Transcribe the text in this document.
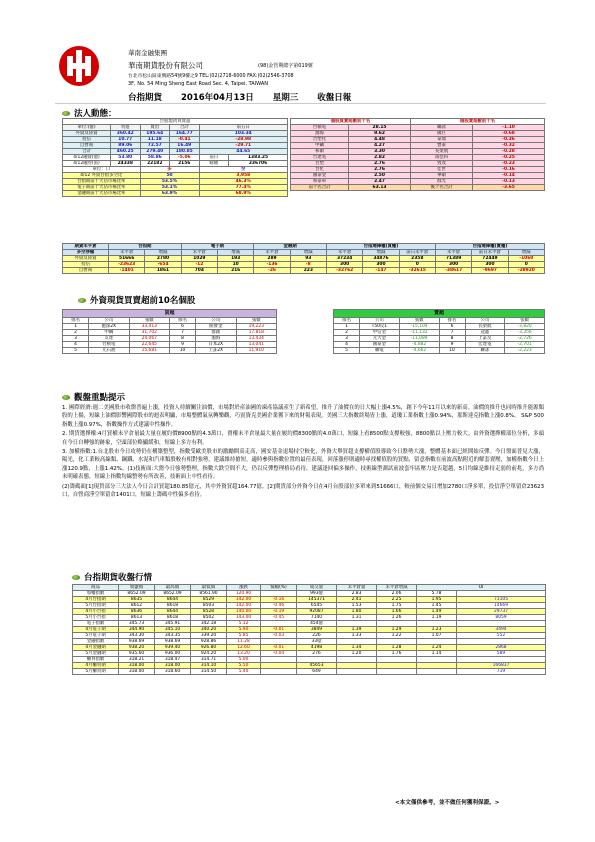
華南金融集團
華南期貨股份有限公司	(98)金管期總字第019號
台北市松山區東興路54號9樓之9 TEL:(02)2718-6000 FAX:(02)2546-3708
3F, No. 54 Ming Sheng East Road Sec. 4, Taipei, TAIWAN
台指期貨 2016年04月13日 星期三 收盤日報
法人動態：
台股現貨買賣超					
單位:(億)	買進	賣出	合計	前五日	
外資及陸資	360.42	195.64	164.77	103.34	
投信	10.77	11.18	-0.41	-28.98	
自營商	89.06	72.57	16.49	-29.71	
合計	460.25	279.40	180.85	44.65	
4/12融資(億)	53.80	58.86	-5.06	前日	1383.25
4/12融券(張)	24338	22182	2156	餘額	236706
單位：口		多		空	
4/12 外資台指多空比		50		3,958	
台指期前十大佔市場比率		53.5%		46.3%	
電子期前十大佔市場比率		53.1%		77.4%	
金融期前十大佔市場比率		63.9%		68.9%	
個股買賣超數前十名		個股賣超數前十名	
台積電	28.15	聯詠	-1.10
鴻海	9.62	國巨	-0.68
台塑化	4.48	泰鼎	-0.36
中鋼	4.27	豐泰	-0.32
和碩	3.30	長榮航	-0.28
台達電	2.82	南亞科	-0.25
台塑	2.76	致茂	-0.23
台化	2.76	佳世	-0.16
國泰金	2.50	華碩	-0.14
和泰車	2.47	群光	-0.13
前十名合計	63.13	後十名合計	-3.65
期貨未平倉	台指期		電子期		金融期		台指選擇權(買權)			台指選擇權(賣權)		
多空淨額	未平倉	增減	未平倉	增減	未平倉	增減	未平倉	增減	前日未平倉	未平倉	前日未平倉	增減
外資及陸資	51666	2780	1029	193	289	93	37234	34876	2358	71389	72449	-1060
投信	-23623	-654	-12	10	-136	-8	300	300	0	300	300	0
自營商	-1401	1861	704	216	-26	223	-32762	-147	-32615	-38617	-9697	-28920
外資現貨買賣超前10名個股
買超					
排名	公司	張數	排名	公司	張數
1	滬深2X	33,413	6	開發金	19,223
2	中鋼	31,702	7	群創	17,818
3	友達	24,067	8	鴻海	13,434
4	台積電	22,645	9	日本2X	13,041
5	元石油	15,681	10	上証2X	11,910
賣超					
排名	公司	張數	排名	公司	張數
1	T50反1	-15,104	6	長榮航	-3,820
2	中信金	-11,132	7	冠鑫	-3,356
3	元大金	-11,089	8	上証反	-2,726
4	國泰金	-4,882	9	宏達電	-2,701
5	聯電	-4,662	10	聯詠	-2,223
觀盤重點提示

1. 國際經濟:週二美國股市收盤普遍上漲，投資人持續關注油價，市場對於產油國的凍產協議產生了新希望，推升了油價在的日大幅上漲4.5%，創下今年11月以來的新高。油價的推升也同時推升能源類股的上揚，短線上油價影響國際股市的迴表明顯，市場整體氣氛轉樂觀，巧賓資克美國企業獲下來的財報表現，美國三大指數終場皆上漲，道瓊工業指數上漲0.94%，那斯達克指數上漲0.8%， S&P 500指數上漲0.97%，指數操作方式建議中性操作。

2. 期貨選擇權:4月買權未平倉量最大量在履約價8900點的4.3萬口，賣權未平倉量最大量在履約價8300點的4.0萬口，短線上看8500點支撐較強，8800點以上壓力較大。由外資選擇權部位分析，多頭在今日自轉強的跡象，空頭部位略顯緩和，短線上多方有利。

3. 加權指數:1.台北股市今日攻勢仍在構築整型，指數受歐美股市的激勵開高走高，國安基金退場持空較化，外資大舉買超支撐權值股導致今日盤勢大漲，整體基本面已經開始反彈。今日盤面普見大漲，陽光，化工業較高線類、鋼鐵、水泥和汽車類股較有相對強勢，建議維持搶短，適時參與指數位置的最佳表現，回落漲停則適時尋找權值股的買點，留意指數在前波高點附近的解套賣壓，加權指數今日上漲120.9點，上漲1.42%。(1)技術面:大盤今日強勢整理，指數大跌空間不大，仍以反彈整理格局看待，建議逢回偏多操作，技術線型測試前波套牢區壓力是否超越，5日均線是維持走弱的前兆，多方尚未明確表態，短線上指數均線整勢有所改善，技術面上中性看待。

(2)籌碼面[1]現貨部分三大法人今日合計買超180.85億元，其中外資買超164.77億。[2]期貨部分外資今日在4月台股部位多單來到51666口，較前個交易日增加2780口淨多單，投信淨空單留倉23623口，自營商淨空單留倉1401口，短線上籌碼中性偏多看待。

台指期貨收盤行情
商品	收盤價	最高價	最低價	漲跌	價幅(%)	成交量	未平倉量	未平倉增減	OI	
加權指數	8652.09	8652.09	8561.90	120.90		993億	2.83	2.06	5.78	
4月台指期	8635	8644	8529	142.00	-0.16	145371	2.41	2.25	1.95	71105
5月台指期	8612	8618	8503	142.00	-0.46	6545	1.53	1.75	1.45	14669
4月小台指	8636	8644	8528	140.00	-0.19	92087	1.80	1.66	1.49	29737
5月小台指	8613	8618	8502	143.00	-0.45	7140	1.31	1.26	1.19	8059
電子指數	345.73	345.91	342.18	5.12		454億				
4月電子期	344.90	345.10	340.20	5.90	-0.01	3849	1.39	1.29	1.23	3494
5月電子期	343.30	343.35	339.20	5.85	-0.03	226	1.33	1.22	1.07	552
金融指數	938.69	938.69	928.86	11.28		33億				
4月金融期	938.20	939.40	926.80	12.60	-0.01	4198	1.34	1.28	1.24	2868
5月金融期	935.60	936.00	924.20	13.20	-0.04	276	1.20	1.76	1.14	589
櫃買指數	318.21	318.47	314.71	5.00						
4月櫃買期	318.00	318.00	314.10	5.50		45653				166837
5月櫃買期	318.00	318.60	314.50	5.40		649				719
<本文僅供參考，並不做任何獲利保證。>
